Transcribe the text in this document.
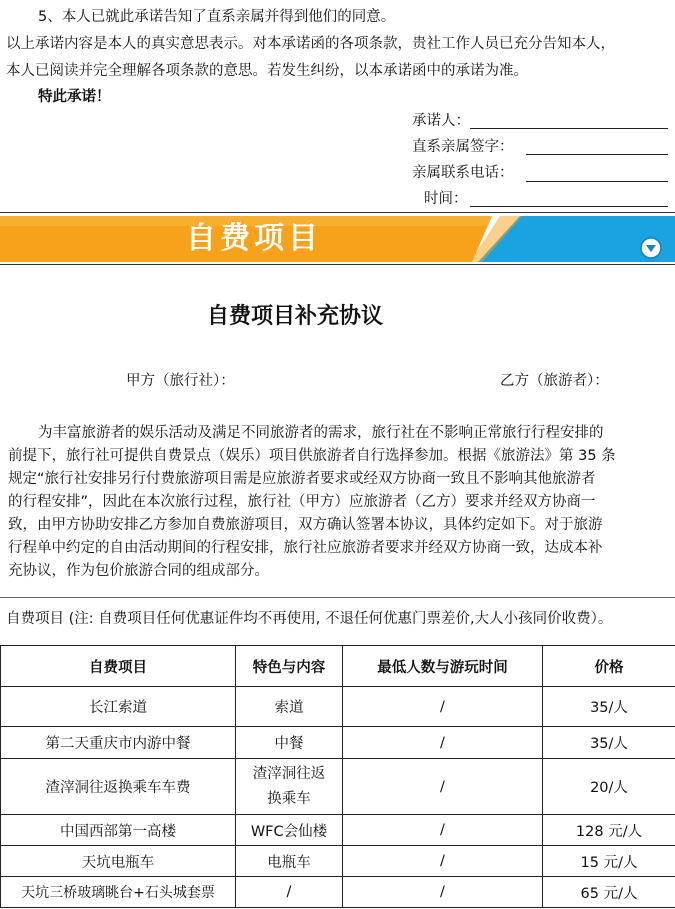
5、本人已就此承诺告知了直系亲属并得到他们的同意。
以上承诺内容是本人的真实意思表示。对本承诺函的各项条款，贵社工作人员已充分告知本人，
本人已阅读并完全理解各项条款的意思。若发生纠纷，以本承诺函中的承诺为准。
特此承诺！
承诺人：
直系亲属签字：
亲属联系电话：
时间：
自费项目
自费项目补充协议
甲方（旅行社）：	乙方（旅游者）：
为丰富旅游者的娱乐活动及满足不同旅游者的需求，旅行社在不影响正常旅行行程安排的
前提下，旅行社可提供自费景点（娱乐）项目供旅游者自行选择参加。根据《旅游法》第 35 条
规定“旅行社安排另行付费旅游项目需是应旅游者要求或经双方协商一致且不影响其他旅游者
的行程安排”，因此在本次旅行过程，旅行社（甲方）应旅游者（乙方）要求并经双方协商一
致，由甲方协助安排乙方参加自费旅游项目，双方确认签署本协议，具体约定如下。对于旅游
行程单中约定的自由活动期间的行程安排，旅行社应旅游者要求并经双方协商一致，达成本补
充协议，作为包价旅游合同的组成部分。
自费项目 (注: 自费项目任何优惠证件均不再使用, 不退任何优惠门票差价,大人小孩同价收费）。
自费项目	特色与内容	最低人数与游玩时间	价格
长江索道	索道	/	35/人
第二天重庆市内游中餐	中餐	/	35/人
渣滓洞往返换乘车车费	渣滓洞往返换乘车	/	20/人
中国西部第一高楼	WFC会仙楼	/	128 元/人
天坑电瓶车	电瓶车	/	15 元/人
天坑三桥玻璃眺台+石头城套票	/	/	65 元/人
